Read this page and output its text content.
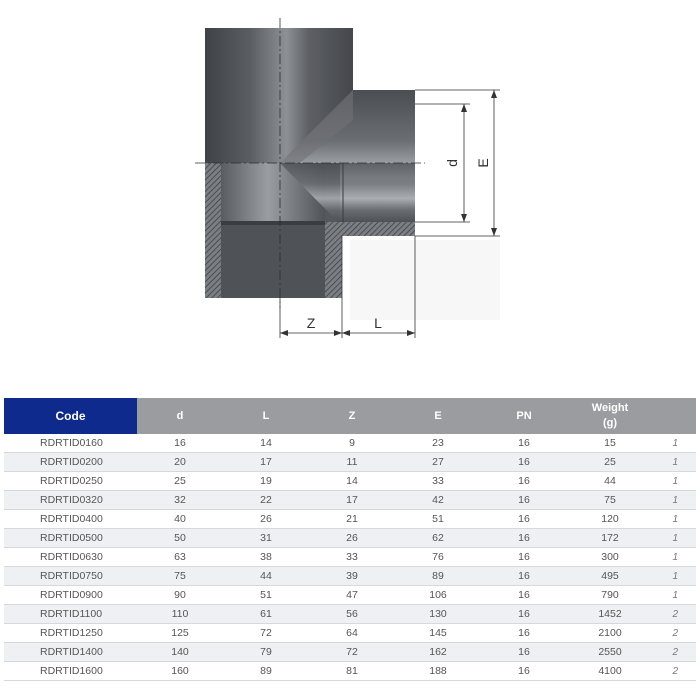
d E
Z	L
Code	d	L	Z	E	PN	Weight
(g)	
RDRTID0160	16	14	9	23	16	15	1
RDRTID0200	20	17	11	27	16	25	1
RDRTID0250	25	19	14	33	16	44	1
RDRTID0320	32	22	17	42	16	75	1
RDRTID0400	40	26	21	51	16	120	1
RDRTID0500	50	31	26	62	16	172	1
RDRTID0630	63	38	33	76	16	300	1
RDRTID0750	75	44	39	89	16	495	1
RDRTID0900	90	51	47	106	16	790	1
RDRTID1100	110	61	56	130	16	1452	2
RDRTID1250	125	72	64	145	16	2100	2
RDRTID1400	140	79	72	162	16	2550	2
RDRTID1600	160	89	81	188	16	4100	2
